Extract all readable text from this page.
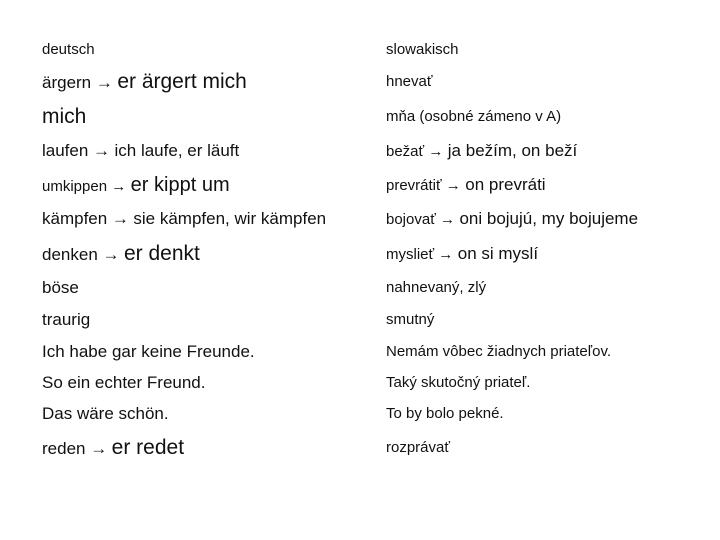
deutsch	slowakisch
ärgern → er ärgert mich	hnevať
mich	mňa (osobné zámeno v A)
laufen → ich laufe, er läuft	bežať → ja bežím, on beží
umkippen → er kippt um	prevrátiť → on prevráti
kämpfen → sie kämpfen, wir kämpfen	bojovať → oni bojujú, my bojujeme
denken → er denkt	myslieť → on si myslí
böse	nahnevaný, zlý
traurig	smutný
Ich habe gar keine Freunde.	Nemám vôbec žiadnych priateľov.
So ein echter Freund.	Taký skutočný priateľ.
Das wäre schön.	To by bolo pekné.
reden → er redet	rozprávať
